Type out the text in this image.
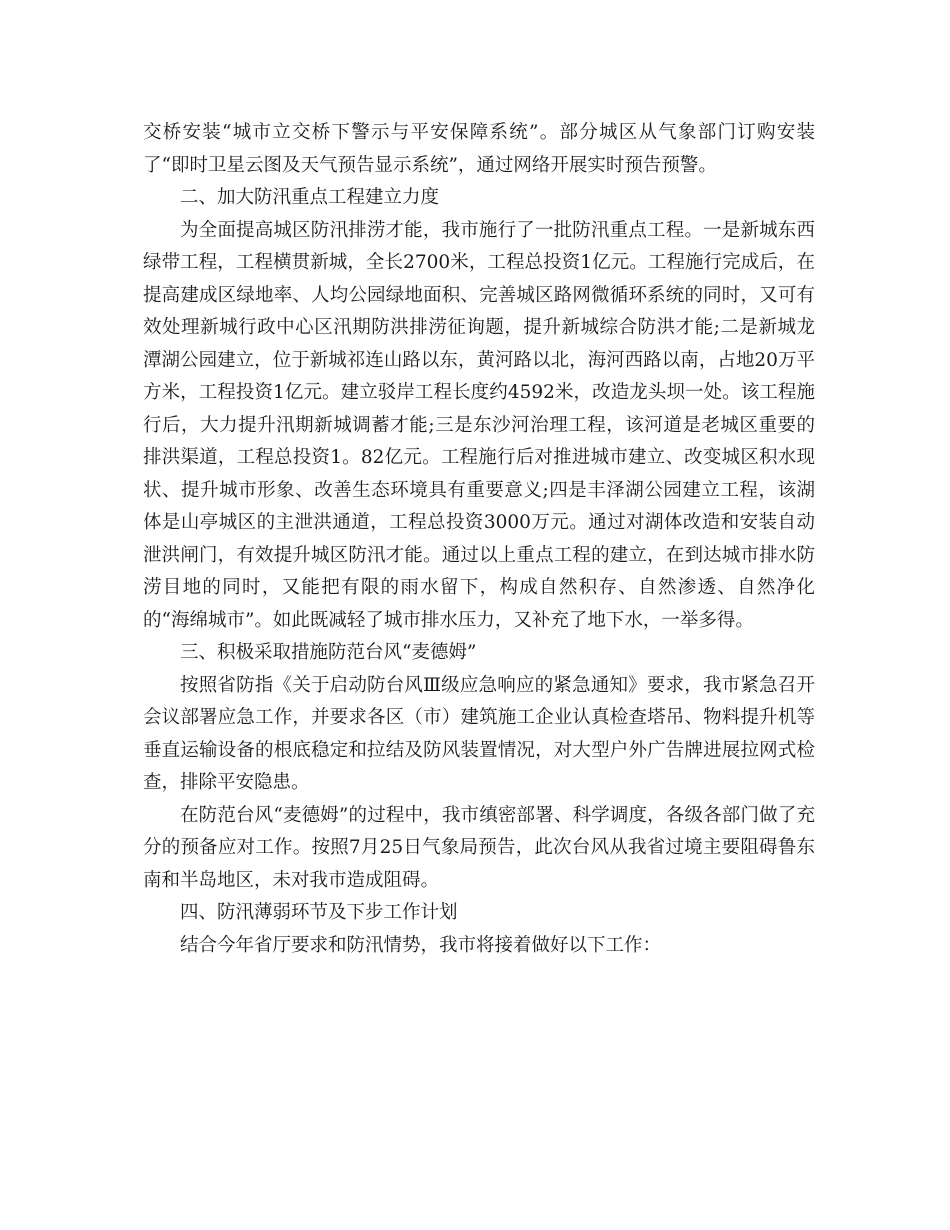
交桥安装“城市立交桥下警示与平安保障系统”。部分城区从气象部门订购安装了“即时卫星云图及天气预告显示系统”，通过网络开展实时预告预警。

二、加大防汛重点工程建立力度

为全面提高城区防汛排涝才能，我市施行了一批防汛重点工程。一是新城东西绿带工程，工程横贯新城，全长2700米，工程总投资1亿元。工程施行完成后，在提高建成区绿地率、人均公园绿地面积、完善城区路网微循环系统的同时，又可有效处理新城行政中心区汛期防洪排涝征询题，提升新城综合防洪才能;二是新城龙潭湖公园建立，位于新城祁连山路以东，黄河路以北，海河西路以南，占地20万平方米，工程投资1亿元。建立驳岸工程长度约4592米，改造龙头坝一处。该工程施行后，大力提升汛期新城调蓄才能;三是东沙河治理工程，该河道是老城区重要的排洪渠道，工程总投资1。82亿元。工程施行后对推进城市建立、改变城区积水现状、提升城市形象、改善生态环境具有重要意义;四是丰泽湖公园建立工程，该湖体是山亭城区的主泄洪通道，工程总投资3000万元。通过对湖体改造和安装自动泄洪闸门，有效提升城区防汛才能。通过以上重点工程的建立，在到达城市排水防涝目地的同时，又能把有限的雨水留下，构成自然积存、自然渗透、自然净化的“海绵城市”。如此既减轻了城市排水压力，又补充了地下水，一举多得。

三、积极采取措施防范台风“麦德姆”

按照省防指《关于启动防台风Ⅲ级应急响应的紧急通知》要求，我市紧急召开会议部署应急工作，并要求各区（市）建筑施工企业认真检查塔吊、物料提升机等垂直运输设备的根底稳定和拉结及防风装置情况，对大型户外广告牌进展拉网式检查，排除平安隐患。

在防范台风“麦德姆”的过程中，我市缜密部署、科学调度，各级各部门做了充分的预备应对工作。按照7月25日气象局预告，此次台风从我省过境主要阻碍鲁东南和半岛地区，未对我市造成阻碍。

四、防汛薄弱环节及下步工作计划

结合今年省厅要求和防汛情势，我市将接着做好以下工作：
